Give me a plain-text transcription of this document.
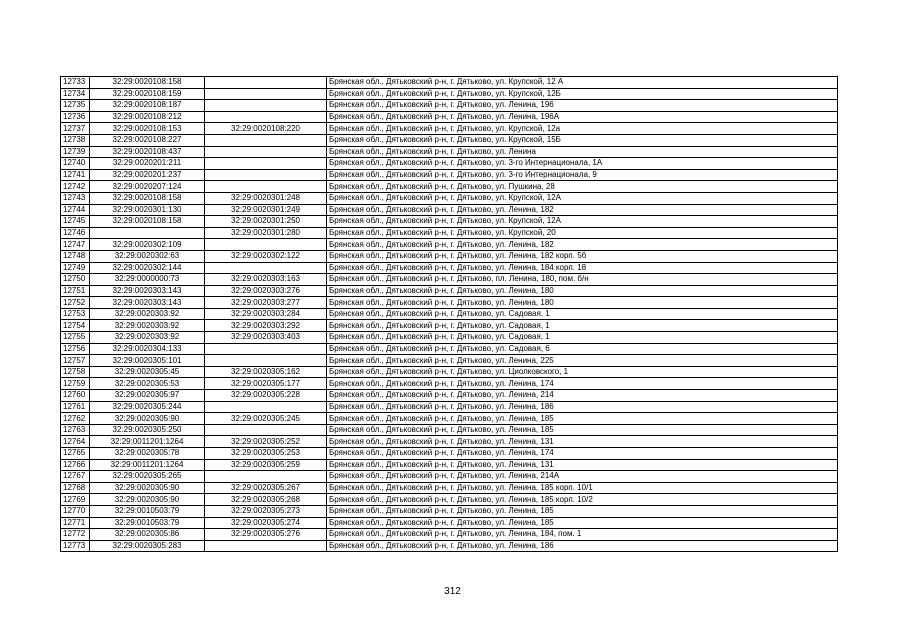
12733	32:29:0020108:158		Брянская обл., Дятьковский р-н, г. Дятьково, ул. Крупской, 12 А
12734	32:29:0020108:159		Брянская обл., Дятьковский р-н, г. Дятьково, ул. Крупской, 12Б
12735	32:29:0020108:187		Брянская обл., Дятьковский р-н, г. Дятьково, ул. Ленина, 196
12736	32:29:0020108:212		Брянская обл., Дятьковский р-н, г. Дятьково, ул. Ленина, 196А
12737	32:29:0020108:153	32:29:0020108:220	Брянская обл., Дятьковский р-н, г. Дятьково, ул. Крупской, 12а
12738	32:29:0020108:227		Брянская обл., Дятьковский р-н, г. Дятьково, ул. Крупской, 15Б
12739	32:29:0020108:437		Брянская обл., Дятьковский р-н, г. Дятьково, ул. Ленина
12740	32:29:0020201:211		Брянская обл., Дятьковский р-н, г. Дятьково, ул. 3-го Интернационала, 1А
12741	32:29:0020201:237		Брянская обл., Дятьковский р-н, г. Дятьково, ул. 3-го Интернационала, 9
12742	32:29:0020207:124		Брянская обл., Дятьковский р-н, г. Дятьково, ул. Пушкина, 28
12743	32:29:0020108:158	32:29:0020301:248	Брянская обл., Дятьковский р-н, г. Дятьково, ул. Крупской, 12А
12744	32:29:0020301:130	32:29:0020301:249	Брянская обл., Дятьковский р-н, г. Дятьково, ул. Ленина, 182
12745	32:29:0020108:158	32:29:0020301:250	Брянская обл., Дятьковский р-н, г. Дятьково, ул. Крупской, 12А
12746		32:29:0020301:280	Брянская обл., Дятьковский р-н, г. Дятьково, ул. Крупской, 20
12747	32:29:0020302:109		Брянская обл., Дятьковский р-н, г. Дятьково, ул. Ленина, 182
12748	32:29:0020302:63	32:29:0020302:122	Брянская обл., Дятьковский р-н, г. Дятьково, ул. Ленина, 182 корп. 5б
12749	32:29:0020302:144		Брянская обл., Дятьковский р-н, г. Дятьково, ул. Ленина, 184 корп. 18
12750	32:29:0000000:73	32:29:0020303:163	Брянская обл., Дятьковский р-н, г. Дятьково, пл. Ленина, 180, пом. б/н
12751	32:29:0020303:143	32:29:0020303:276	Брянская обл., Дятьковский р-н, г. Дятьково, ул. Ленина, 180
12752	32:29:0020303:143	32:29:0020303:277	Брянская обл., Дятьковский р-н, г. Дятьково, ул. Ленина, 180
12753	32:29:0020303:92	32:29:0020303:284	Брянская обл., Дятьковский р-н, г. Дятьково, ул. Садовая, 1
12754	32:29:0020303:92	32:29:0020303:292	Брянская обл., Дятьковский р-н, г. Дятьково, ул. Садовая, 1
12755	32:29:0020303:92	32:29:0020303:403	Брянская обл., Дятьковский р-н, г. Дятьково, ул. Садовая, 1
12756	32:29:0020304:133		Брянская обл., Дятьковский р-н, г. Дятьково, ул. Садовая, 6
12757	32:29:0020305:101		Брянская обл., Дятьковский р-н, г. Дятьково, ул. Ленина, 225
12758	32:29:0020305:45	32:29:0020305:162	Брянская обл., Дятьковский р-н, г. Дятьково, ул. Циолковского, 1
12759	32:29:0020305:53	32:29:0020305:177	Брянская обл., Дятьковский р-н, г. Дятьково, ул. Ленина, 174
12760	32:29:0020305:97	32:29:0020305:228	Брянская обл., Дятьковский р-н, г. Дятьково, ул. Ленина, 214
12761	32:29:0020305:244		Брянская обл., Дятьковский р-н, г. Дятьково, ул. Ленина, 186
12762	32:29:0020305:90	32:29:0020305:245	Брянская обл., Дятьковский р-н, г. Дятьково, ул. Ленина, 185
12763	32:29:0020305:250		Брянская обл., Дятьковский р-н, г. Дятьково, ул. Ленина, 185
12764	32:29:0011201:1264	32:29:0020305:252	Брянская обл., Дятьковский р-н, г. Дятьково, ул. Ленина, 131
12765	32:29:0020305:78	32:29:0020305:253	Брянская обл., Дятьковский р-н, г. Дятьково, ул. Ленина, 174
12766	32:29:0011201:1264	32:29:0020305:259	Брянская обл., Дятьковский р-н, г. Дятьково, ул. Ленина, 131
12767	32:29:0020305:265		Брянская обл., Дятьковский р-н, г. Дятьково, ул. Ленина, 214А
12768	32:29:0020305:90	32:29:0020305:267	Брянская обл., Дятьковский р-н, г. Дятьково, ул. Ленина, 185 корп. 10/1
12769	32:29:0020305:90	32:29:0020305:268	Брянская обл., Дятьковский р-н, г. Дятьково, ул. Ленина, 185 корп. 10/2
12770	32:29:0010503:79	32:29:0020305:273	Брянская обл., Дятьковский р-н, г. Дятьково, ул. Ленина, 185
12771	32:29:0010503:79	32:29:0020305:274	Брянская обл., Дятьковский р-н, г. Дятьково, ул. Ленина, 185
12772	32:29:0020305:86	32:29:0020305:276	Брянская обл., Дятьковский р-н, г. Дятьково, ул. Ленина, 184, пом. 1
12773	32:29:0020305:283		Брянская обл., Дятьковский р-н, г. Дятьково, ул. Ленина, 186
312
